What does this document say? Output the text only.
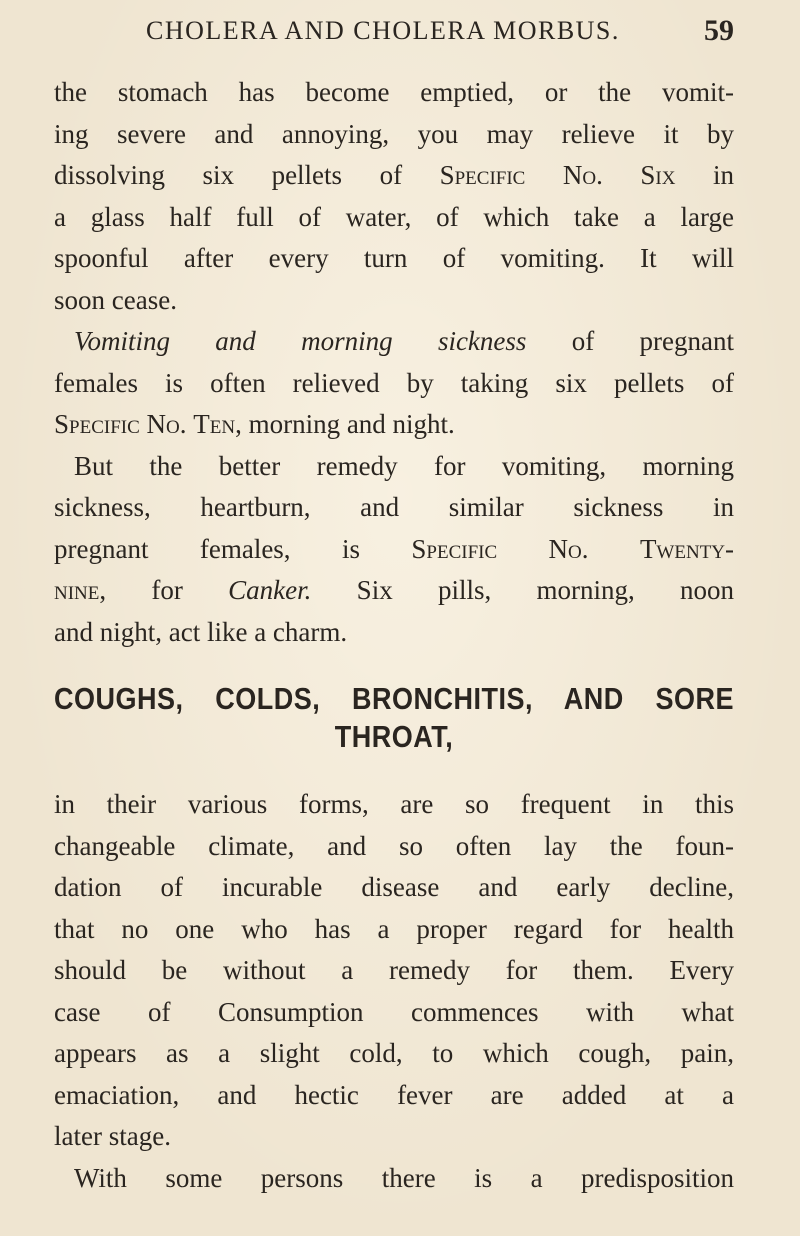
CHOLERA AND CHOLERA MORBUS.	59
the stomach has become emptied, or the vomit-
ing severe and annoying, you may relieve it by
dissolving six pellets of Specific No. Six in
a glass half full of water, of which take a large
spoonful after every turn of vomiting. It will
soon cease.
Vomiting and morning sickness of pregnant
females is often relieved by taking six pellets of
Specific No. Ten, morning and night.
But the better remedy for vomiting, morning
sickness, heartburn, and similar sickness in
pregnant females, is Specific No. Twenty-
nine, for Canker. Six pills, morning, noon
and night, act like a charm.
COUGHS, COLDS, BRONCHITIS, AND SORE
THROAT,
in their various forms, are so frequent in this
changeable climate, and so often lay the foun-
dation of incurable disease and early decline,
that no one who has a proper regard for health
should be without a remedy for them. Every
case of Consumption commences with what
appears as a slight cold, to which cough, pain,
emaciation, and hectic fever are added at a
later stage.
With some persons there is a predisposition
